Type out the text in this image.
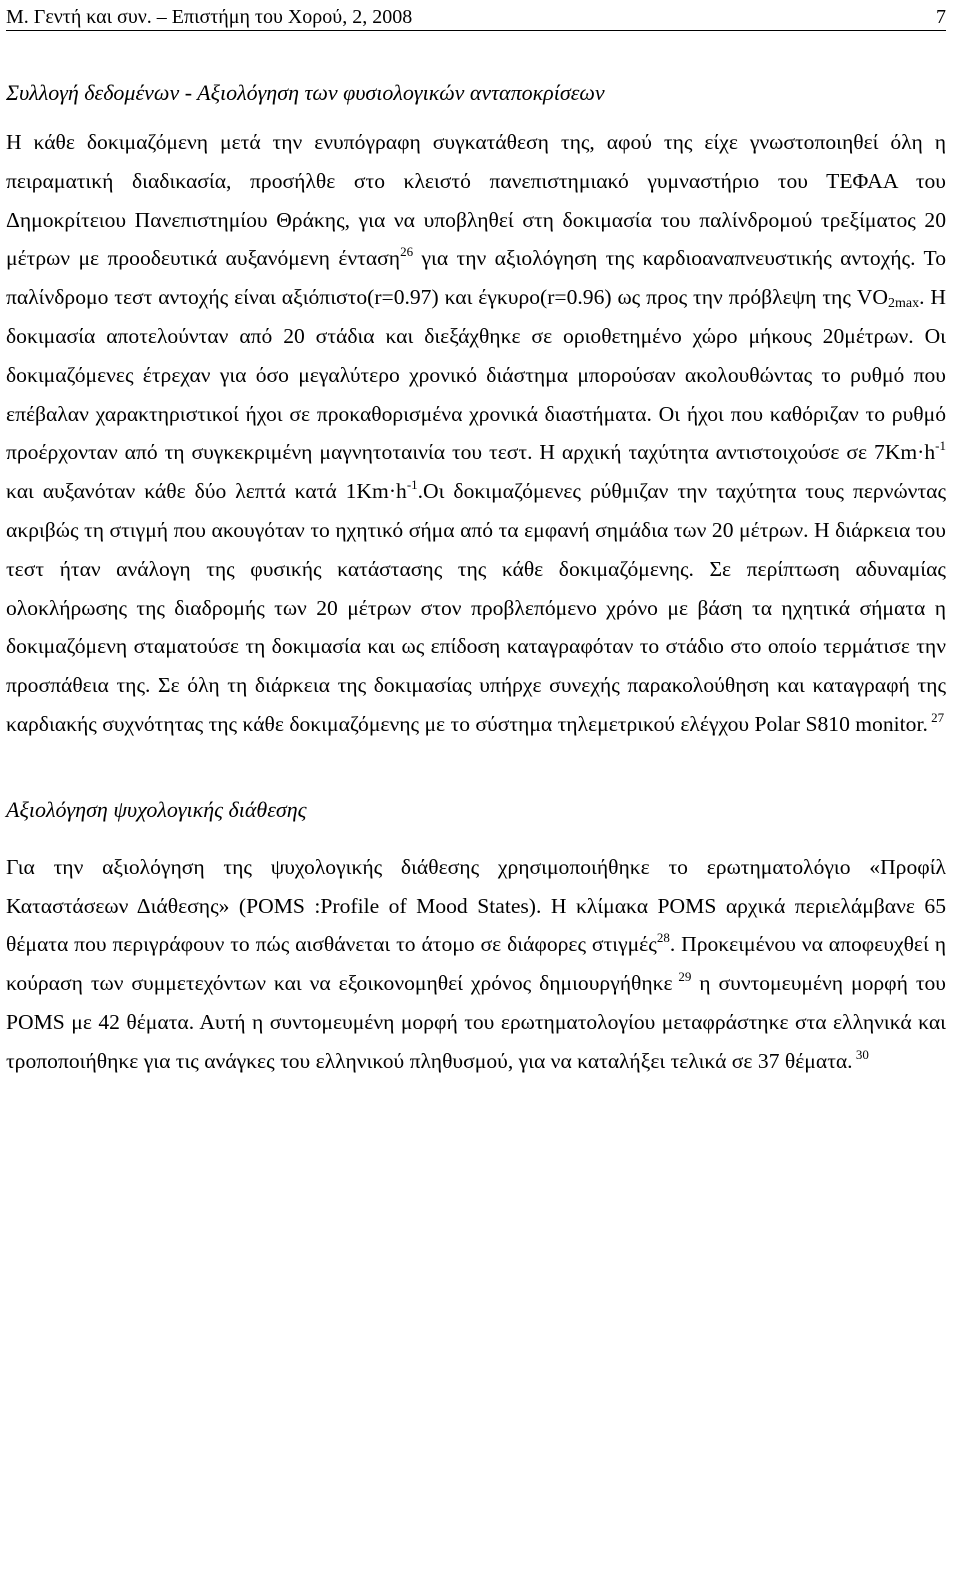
Μ. Γεντή και συν. – Επιστήμη του Χορού, 2, 2008	7
Συλλογή δεδομένων - Αξιολόγηση των φυσιολογικών ανταποκρίσεων

Η κάθε δοκιμαζόμενη μετά την ενυπόγραφη συγκατάθεση της, αφού της είχε γνωστοποιηθεί όλη η πειραματική διαδικασία, προσήλθε στο κλειστό πανεπιστημιακό γυμναστήριο του ΤΕΦΑΑ του Δημοκρίτειου Πανεπιστημίου Θράκης, για να υποβληθεί στη δοκιμασία του παλίνδρομού τρεξίματος 20 μέτρων με προοδευτικά αυξανόμενη ένταση$^{26}$ για την αξιολόγηση της καρδιοαναπνευστικής αντοχής. Το παλίνδρομο τεστ αντοχής είναι αξιόπιστο(r=0.97) και έγκυρο(r=0.96) ως προς την πρόβλεψη της $VO_{2max}$. Η δοκιμασία αποτελούνταν από 20 στάδια και διεξάχθηκε σε οριοθετημένο χώρο μήκους 20μέτρων. Οι δοκιμαζόμενες έτρεχαν για όσο μεγαλύτερο χρονικό διάστημα μπορούσαν ακολουθώντας το ρυθμό που επέβαλαν χαρακτηριστικοί ήχοι σε προκαθορισμένα χρονικά διαστήματα. Οι ήχοι που καθόριζαν το ρυθμό προέρχονταν από τη συγκεκριμένη μαγνητοταινία του τεστ. Η αρχική ταχύτητα αντιστοιχούσε σε $7Km\cdot h^{-1}$ και αυξανόταν κάθε δύο λεπτά κατά $1Km\cdot h^{-1}.O\iota$ δοκιμαζόμενες ρύθμιζαν την ταχύτητα τους περνώντας ακριβώς τη στιγμή που ακουγόταν το ηχητικό σήμα από τα εμφανή σημάδια των 20 μέτρων. Η διάρκεια του τεστ ήταν ανάλογη της φυσικής κατάστασης της κάθε δοκιμαζόμενης. Σε περίπτωση αδυναμίας ολοκλήρωσης της διαδρομής των 20 μέτρων στον προβλεπόμενο χρόνο με βάση τα ηχητικά σήματα η δοκιμαζόμενη σταματούσε τη δοκιμασία και ως επίδοση καταγραφόταν το στάδιο στο οποίο τερμάτισε την προσπάθεια της. Σε όλη τη διάρκεια της δοκιμασίας υπήρχε συνεχής παρακολούθηση και καταγραφή της καρδιακής συχνότητας της κάθε δοκιμαζόμενης με το σύστημα τηλεμετρικού ελέγχου Polar S810 monitor. $^{27}$

Αξιολόγηση ψυχολογικής διάθεσης

Για την αξιολόγηση της ψυχολογικής διάθεσης χρησιμοποιήθηκε το ερωτηματολόγιο «Προφίλ Καταστάσεων Διάθεσης» (POMS :Profile of Mood States). Η κλίμακα POMS αρχικά περιελάμβανε 65 θέματα που περιγράφουν το πώς αισθάνεται το άτομο σε διάφορες στιγμές$^{28}$. Προκειμένου να αποφευχθεί η κούραση των συμμετεχόντων και να εξοικονομηθεί χρόνος δημιουργήθηκε $^{29}$ η συντομευμένη μορφή του POMS με 42 θέματα. Αυτή η συντομευμένη μορφή του ερωτηματολογίου μεταφράστηκε στα ελληνικά και τροποποιήθηκε για τις ανάγκες του ελληνικού πληθυσμού, για να καταλήξει τελικά σε 37 θέματα. $^{30}$
